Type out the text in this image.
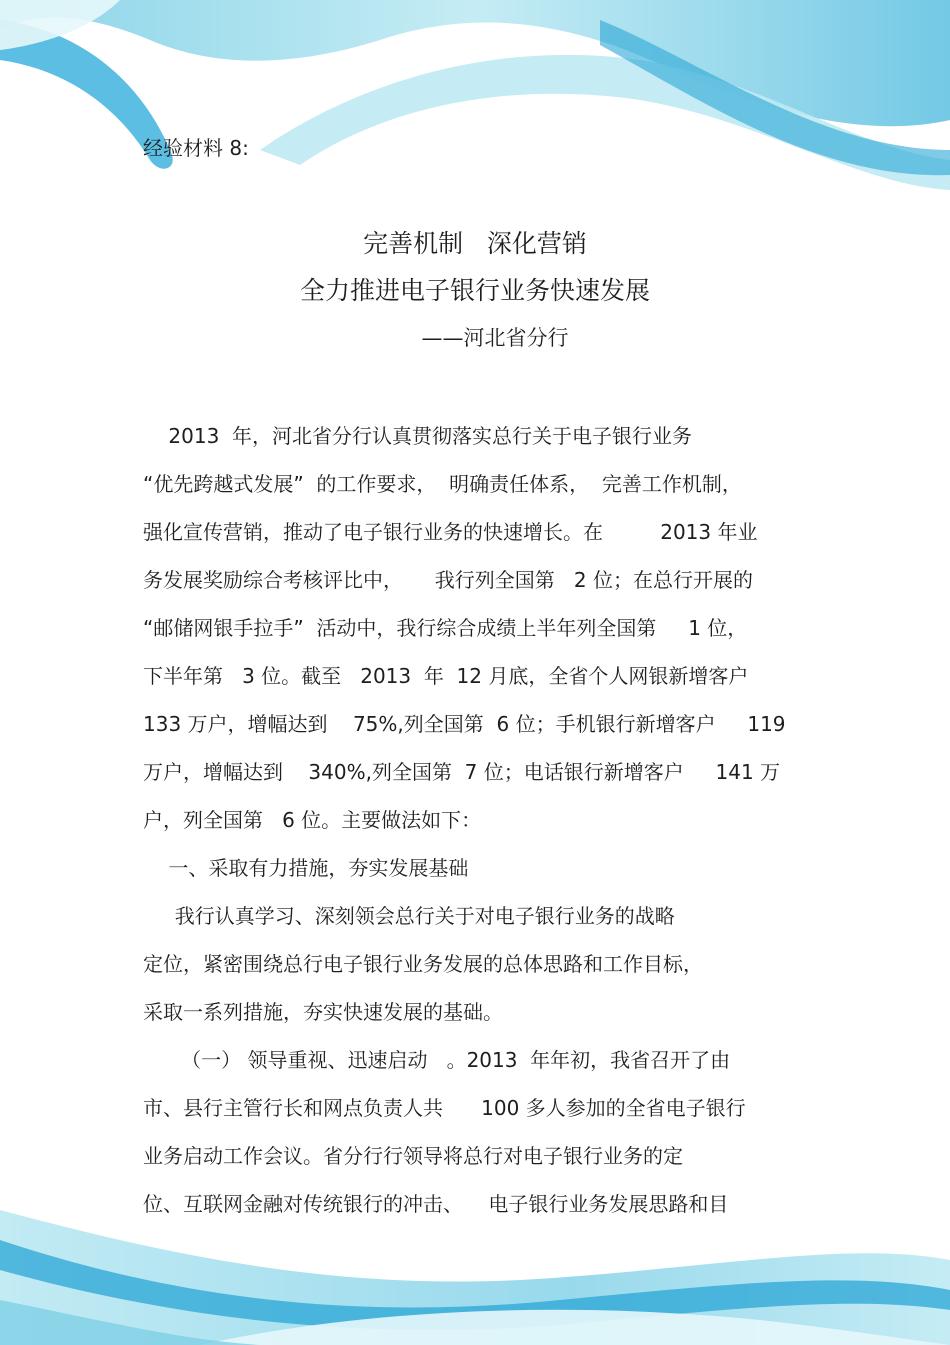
经验材料 8:
完善机制   深化营销
全力推进电子银行业务快速发展
——河北省分行
2013  年，河北省分行认真贯彻落实总行关于电子银行业务
“优先跨越式发展”  的工作要求，  明确责任体系，  完善工作机制，
强化宣传营销，推动了电子银行业务的快速增长。在         2013 年业
务发展奖励综合考核评比中，     我行列全国第   2 位；在总行开展的
“邮储网银手拉手”  活动中，我行综合成绩上半年列全国第     1 位，
下半年第   3 位。截至   2013  年  12 月底，全省个人网银新增客户
133 万户，增幅达到    75%,列全国第  6 位；手机银行新增客户     119
万户，增幅达到    340%,列全国第  7 位；电话银行新增客户     141 万
户，列全国第   6 位。主要做法如下：
一、采取有力措施，夯实发展基础
我行认真学习、深刻领会总行关于对电子银行业务的战略
定位，紧密围绕总行电子银行业务发展的总体思路和工作目标，
采取一系列措施，夯实快速发展的基础。
（一） 领导重视、迅速启动   。2013  年年初，我省召开了由
市、县行主管行长和网点负责人共      100 多人参加的全省电子银行
业务启动工作会议。省分行行领导将总行对电子银行业务的定
位、互联网金融对传统银行的冲击、    电子银行业务发展思路和目
